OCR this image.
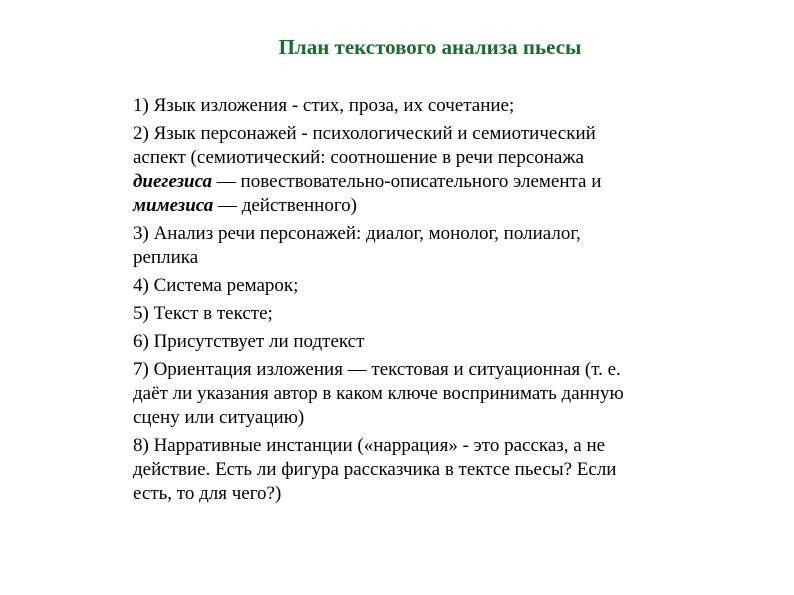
План текстового анализа пьесы
1) Язык изложения - стих, проза, их сочетание;
2) Язык персонажей - психологический и семиотический
аспект (семиотический: соотношение в речи персонажа
диегезиса — повествовательно-описательного элемента и
мимезиса — действенного)
3) Анализ речи персонажей: диалог, монолог, полиалог,
реплика
4) Система ремарок;
5) Текст в тексте;
6) Присутствует ли подтекст
7) Ориентация изложения — текстовая и ситуационная (т. е.
даёт ли указания автор в каком ключе воспринимать данную
сцену или ситуацию)
8) Нарративные инстанции («наррация» - это рассказ, а не
действие. Есть ли фигура рассказчика в тектсе пьесы? Если
есть, то для чего?)
